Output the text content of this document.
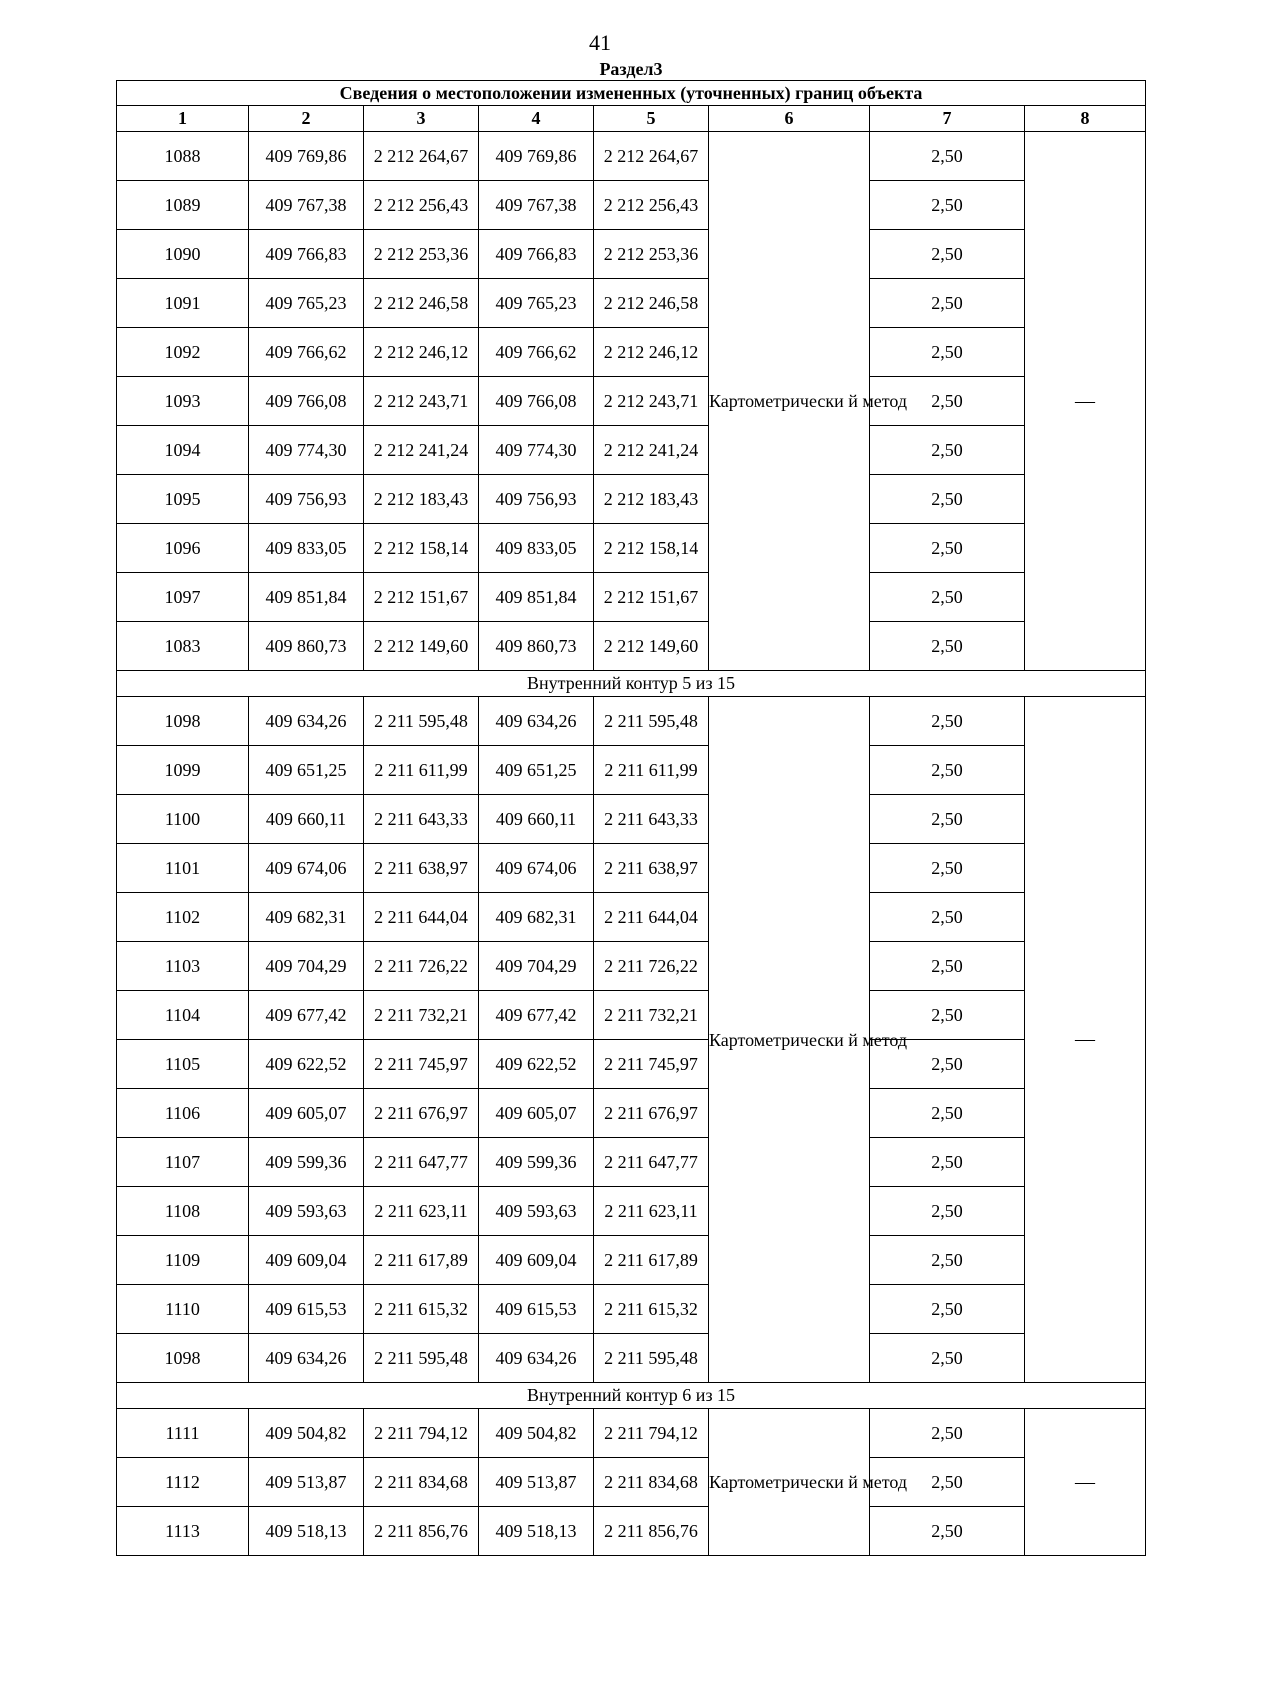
41
Раздел3
Сведения о местоположении измененных (уточненных) границ объекта							
1	2	3	4	5	6	7	8
1088	409 769,86	2 212 264,67	409 769,86	2 212 264,67	Картометрически й метод	2,50	—
1089	409 767,38	2 212 256,43	409 767,38	2 212 256,43		2,50	
1090	409 766,83	2 212 253,36	409 766,83	2 212 253,36		2,50	
1091	409 765,23	2 212 246,58	409 765,23	2 212 246,58		2,50	
1092	409 766,62	2 212 246,12	409 766,62	2 212 246,12		2,50	
1093	409 766,08	2 212 243,71	409 766,08	2 212 243,71		2,50	
1094	409 774,30	2 212 241,24	409 774,30	2 212 241,24		2,50	
1095	409 756,93	2 212 183,43	409 756,93	2 212 183,43		2,50	
1096	409 833,05	2 212 158,14	409 833,05	2 212 158,14		2,50	
1097	409 851,84	2 212 151,67	409 851,84	2 212 151,67		2,50	
1083	409 860,73	2 212 149,60	409 860,73	2 212 149,60		2,50	
Внутренний контур 5 из 15							
1098	409 634,26	2 211 595,48	409 634,26	2 211 595,48	Картометрически й метод	2,50	—
1099	409 651,25	2 211 611,99	409 651,25	2 211 611,99		2,50	
1100	409 660,11	2 211 643,33	409 660,11	2 211 643,33		2,50	
1101	409 674,06	2 211 638,97	409 674,06	2 211 638,97		2,50	
1102	409 682,31	2 211 644,04	409 682,31	2 211 644,04		2,50	
1103	409 704,29	2 211 726,22	409 704,29	2 211 726,22		2,50	
1104	409 677,42	2 211 732,21	409 677,42	2 211 732,21		2,50	
1105	409 622,52	2 211 745,97	409 622,52	2 211 745,97		2,50	
1106	409 605,07	2 211 676,97	409 605,07	2 211 676,97		2,50	
1107	409 599,36	2 211 647,77	409 599,36	2 211 647,77		2,50	
1108	409 593,63	2 211 623,11	409 593,63	2 211 623,11		2,50	
1109	409 609,04	2 211 617,89	409 609,04	2 211 617,89		2,50	
1110	409 615,53	2 211 615,32	409 615,53	2 211 615,32		2,50	
1098	409 634,26	2 211 595,48	409 634,26	2 211 595,48		2,50	
Внутренний контур 6 из 15							
1111	409 504,82	2 211 794,12	409 504,82	2 211 794,12	Картометрически й метод	2,50	—
1112	409 513,87	2 211 834,68	409 513,87	2 211 834,68		2,50	
1113	409 518,13	2 211 856,76	409 518,13	2 211 856,76		2,50	
